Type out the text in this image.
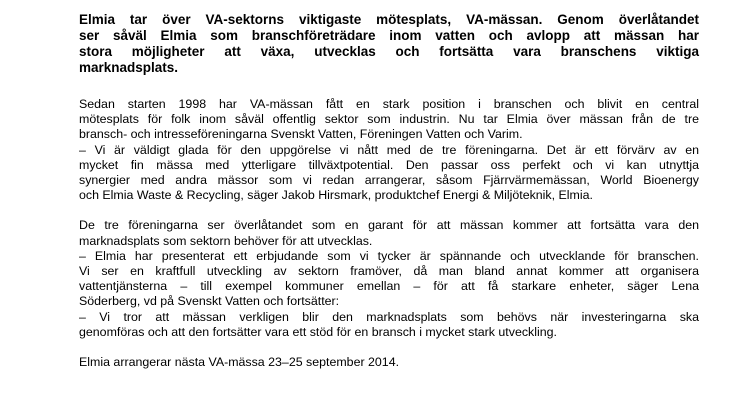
Elmia tar över VA-sektorns viktigaste mötesplats, VA-mässan. Genom överlåtandet
ser såväl Elmia som branschföreträdare inom vatten och avlopp att mässan har
stora möjligheter att växa, utvecklas och fortsätta vara branschens viktiga
marknadsplats.

Sedan starten 1998 har VA-mässan fått en stark position i branschen och blivit en central
mötesplats för folk inom såväl offentlig sektor som industrin. Nu tar Elmia över mässan från de tre
bransch- och intresseföreningarna Svenskt Vatten, Föreningen Vatten och Varim.
– Vi är väldigt glada för den uppgörelse vi nått med de tre föreningarna. Det är ett förvärv av en
mycket fin mässa med ytterligare tillväxtpotential. Den passar oss perfekt och vi kan utnyttja
synergier med andra mässor som vi redan arrangerar, såsom Fjärrvärmemässan, World Bioenergy
och Elmia Waste & Recycling, säger Jakob Hirsmark, produktchef Energi & Miljöteknik, Elmia.

De tre föreningarna ser överlåtandet som en garant för att mässan kommer att fortsätta vara den
marknadsplats som sektorn behöver för att utvecklas.
– Elmia har presenterat ett erbjudande som vi tycker är spännande och utvecklande för branschen.
Vi ser en kraftfull utveckling av sektorn framöver, då man bland annat kommer att organisera
vattentjänsterna – till exempel kommuner emellan – för att få starkare enheter, säger Lena
Söderberg, vd på Svenskt Vatten och fortsätter:
– Vi tror att mässan verkligen blir den marknadsplats som behövs när investeringarna ska
genomföras och att den fortsätter vara ett stöd för en bransch i mycket stark utveckling.

Elmia arrangerar nästa VA-mässa 23–25 september 2014.
